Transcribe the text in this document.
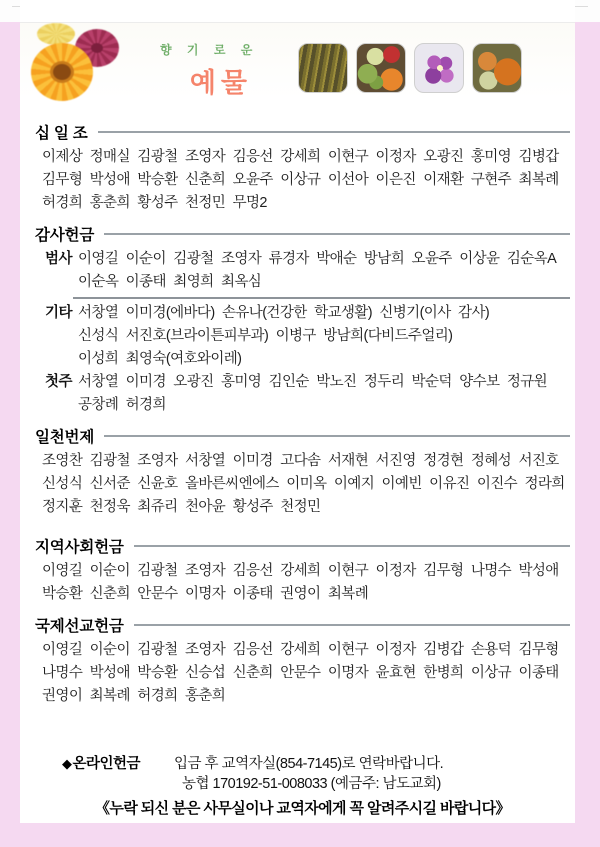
향 기 로 운
예물
십 일 조
이제상 정매실 김광철 조영자 김응선 강세희 이현구 이정자 오광진 홍미영 김병갑
김무형 박성애 박승환 신춘희 오윤주 이상규 이선아 이은진 이재환 구현주 최복례
허경희 홍춘희 황성주 천정민 무명2
감사헌금
범사 이영길 이순이 김광철 조영자 류경자 박애순 방남희 오윤주 이상윤 김순옥A
이순옥 이종태 최영희 최옥심
기타 서창열 이미경(에바다) 손유나(건강한 학교생활) 신병기(이사 감사)
신성식 서진호(브라이튼피부과) 이병구 방남희(다비드주얼리)
이성희 최영숙(여호와이레)
첫주 서창열 이미경 오광진 홍미영 김인순 박노진 정두리 박순덕 양수보 정규원
공창례 허경희
일천번제
조영찬 김광철 조영자 서창열 이미경 고다솜 서재현 서진영 정경현 정혜성 서진호
신성식 신서준 신윤호 올바른씨엔에스 이미옥 이예지 이예빈 이유진 이진수 정라희
정지훈 천정욱 최쥬리 천아윤 황성주 천정민
지역사회헌금
이영길 이순이 김광철 조영자 김응선 강세희 이현구 이정자 김무형 나명수 박성애
박승환 신춘희 안문수 이명자 이종태 권영이 최복례
국제선교헌금
이영길 이순이 김광철 조영자 김응선 강세희 이현구 이정자 김병갑 손용덕 김무형
나명수 박성애 박승환 신승섭 신춘희 안문수 이명자 윤효현 한병희 이상규 이종태
권영이 최복례 허경희 홍춘희
◆온라인헌금	입금 후 교역자실(854-7145)로 연락바랍니다.
농협 170192-51-008033 (예금주: 남도교회)
《누락 되신 분은 사무실이나 교역자에게 꼭 알려주시길 바랍니다》
